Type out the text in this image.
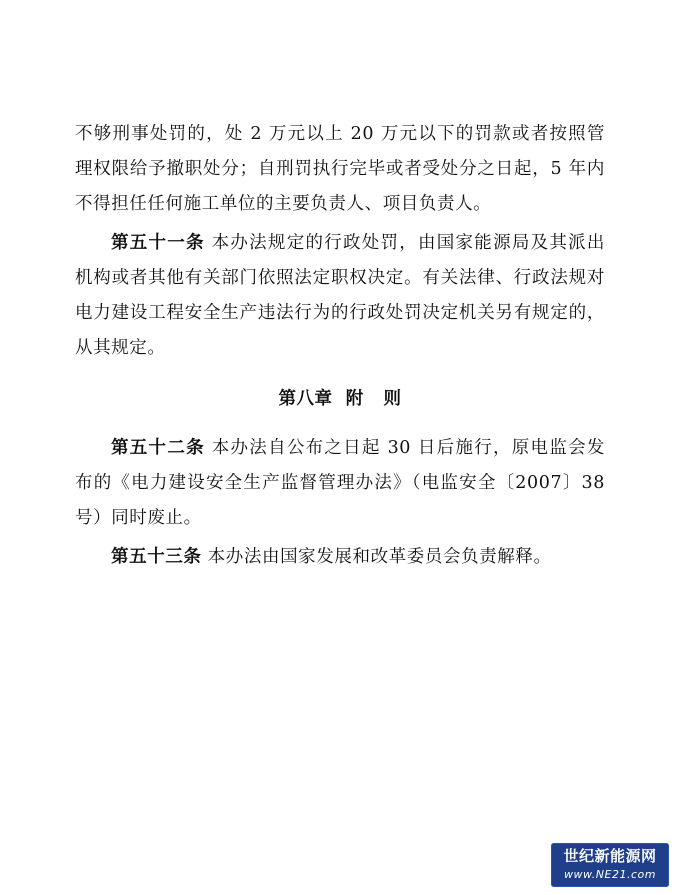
不够刑事处罚的，处 2 万元以上 20 万元以下的罚款或者按照管理权限给予撤职处分；自刑罚执行完毕或者受处分之日起，5 年内不得担任任何施工单位的主要负责人、项目负责人。

第五十一条 本办法规定的行政处罚，由国家能源局及其派出机构或者其他有关部门依照法定职权决定。有关法律、行政法规对电力建设工程安全生产违法行为的行政处罚决定机关另有规定的，从其规定。

第八章  附   则

第五十二条 本办法自公布之日起 30 日后施行，原电监会发布的《电力建设安全生产监督管理办法》（电监安全〔2007〕38 号）同时废止。

第五十三条 本办法由国家发展和改革委员会负责解释。

世纪新能源网
www.NE21.com
